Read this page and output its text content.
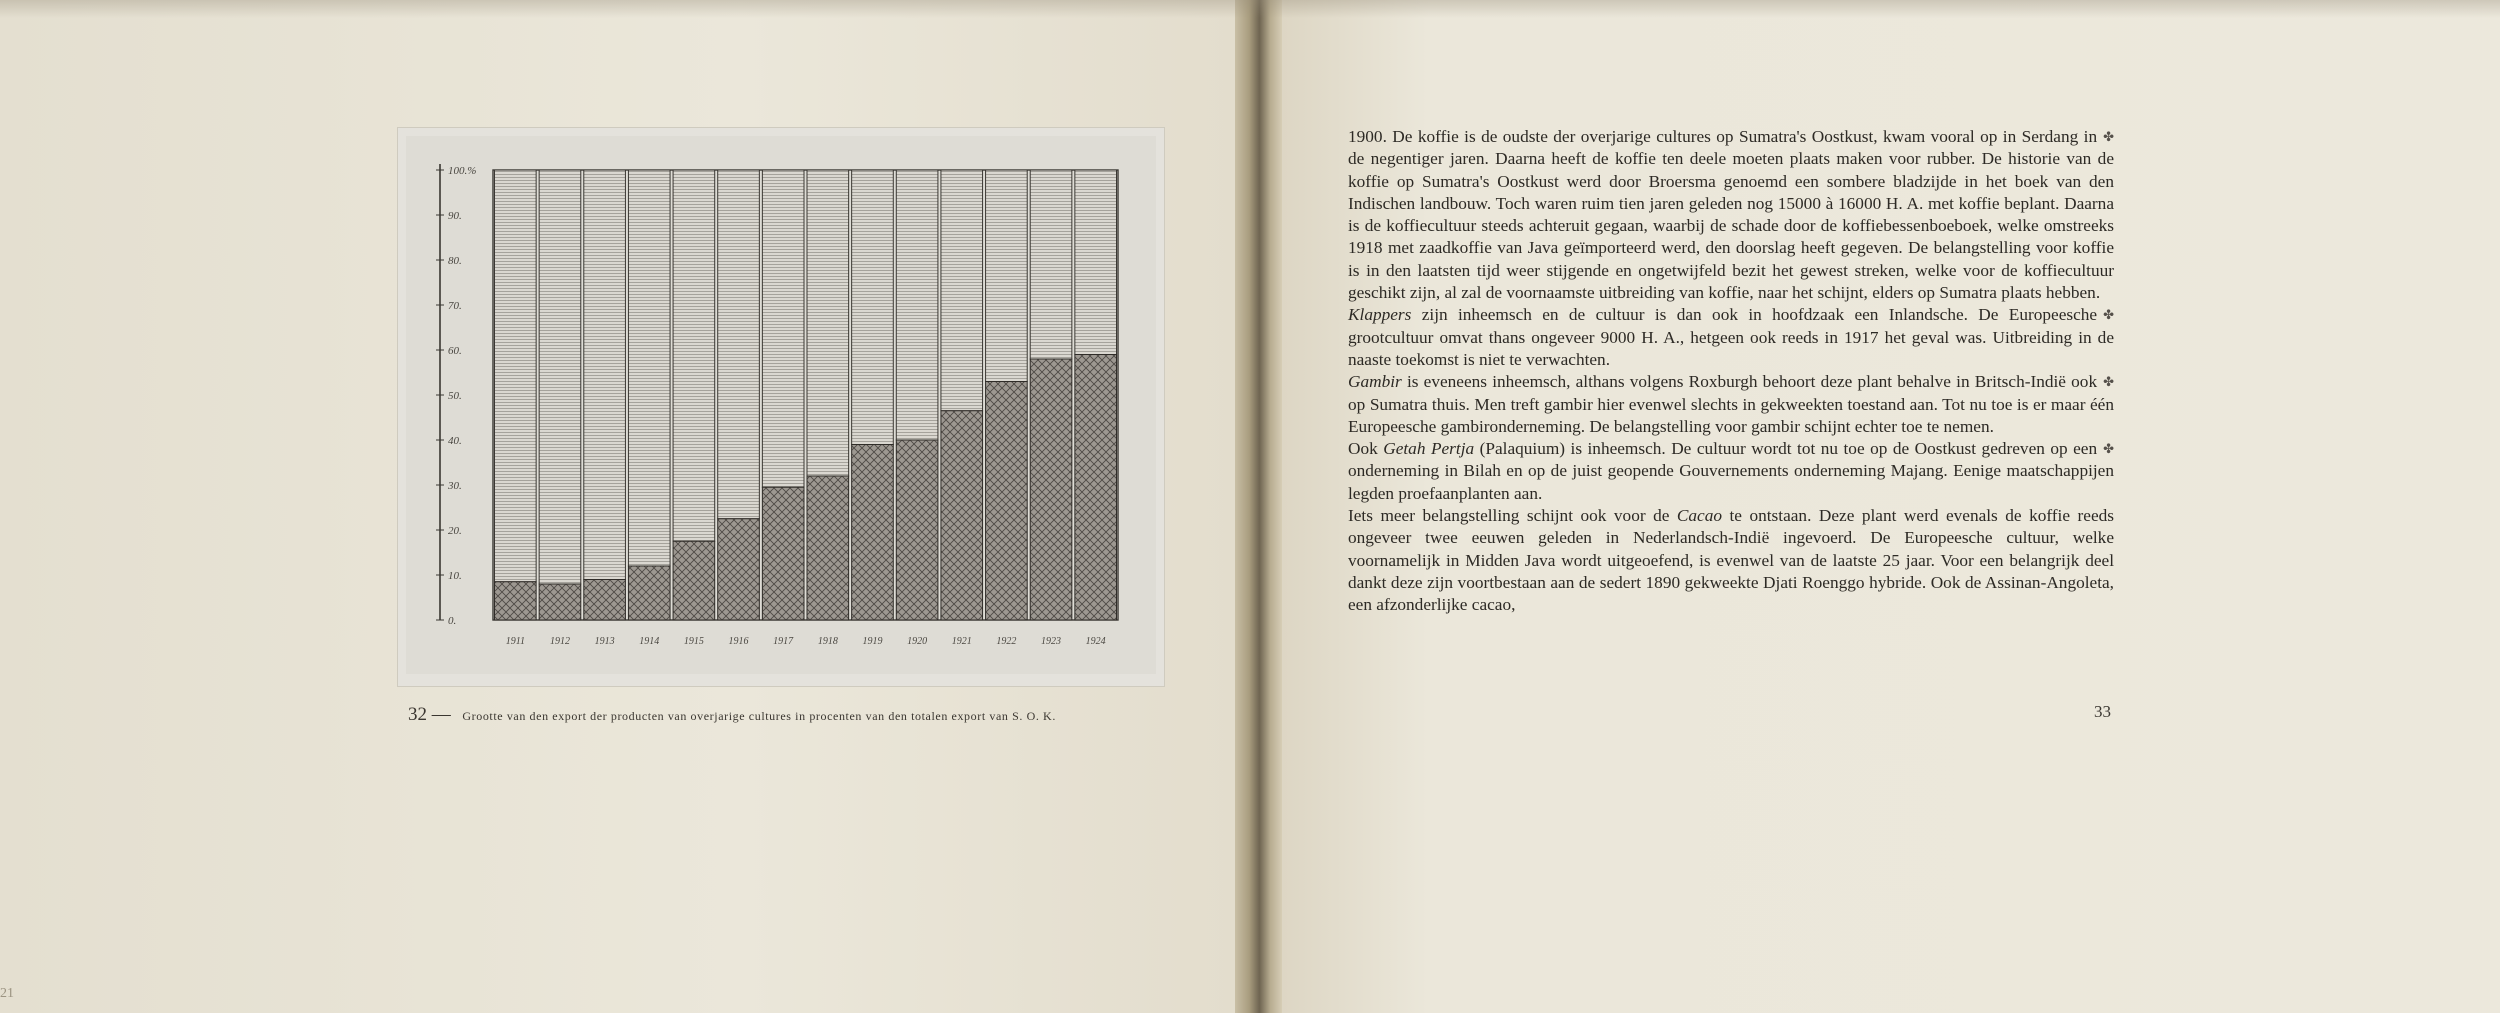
0.
10.
20.
30.
40.
50.
60.
70.
80.
90.
100.%
1911	1912 1913 1914 1915 1916 1917 1918 1919 1920 1921 1922 1923 1924
32 — Grootte van den export der producten van overjarige cultures in procenten van den totalen export van S. O. K.

✤
1900. De koffie is de oudste der overjarige cultures op Sumatra's Oostkust, kwam vooral op in Serdang in de negentiger jaren. Daarna heeft de koffie ten deele moeten plaats maken voor rubber. De historie van de koffie op Sumatra's Oostkust werd door Broersma genoemd een sombere bladzijde in het boek van den Indischen landbouw. Toch waren ruim tien jaren geleden nog 15000 à 16000 H. A. met koffie beplant. Daarna is de koffiecultuur steeds achteruit gegaan, waarbij de schade door de koffiebessenboeboek, welke omstreeks 1918 met zaadkoffie van Java geïmporteerd werd, den doorslag heeft gegeven. De belangstelling voor koffie is in den laatsten tijd weer stijgende en ongetwijfeld bezit het gewest streken, welke voor de koffiecultuur geschikt zijn, al zal de voornaamste uitbreiding van koffie, naar het schijnt, elders op Sumatra plaats hebben.

✤
Klappers zijn inheemsch en de cultuur is dan ook in hoofdzaak een Inlandsche. De Europeesche grootcultuur omvat thans ongeveer 9000 H. A., hetgeen ook reeds in 1917 het geval was. Uitbreiding in de naaste toekomst is niet te verwachten.

✤
Gambir is eveneens inheemsch, althans volgens Roxburgh behoort deze plant behalve in Britsch-Indië ook op Sumatra thuis. Men treft gambir hier evenwel slechts in gekweekten toestand aan. Tot nu toe is er maar één Europeesche gambironderneming. De belangstelling voor gambir schijnt echter toe te nemen.

✤
Ook Getah Pertja (Palaquium) is inheemsch. De cultuur wordt tot nu toe op de Oostkust gedreven op een onderneming in Bilah en op de juist geopende Gouvernements onderneming Majang. Eenige maatschappijen legden proefaanplanten aan.

Iets meer belangstelling schijnt ook voor de Cacao te ontstaan. Deze plant werd evenals de koffie reeds ongeveer twee eeuwen geleden in Nederlandsch-Indië ingevoerd. De Europeesche cultuur, welke voornamelijk in Midden Java wordt uitgeoefend, is evenwel van de laatste 25 jaar. Voor een belangrijk deel dankt deze zijn voortbestaan aan de sedert 1890 gekweekte Djati Roenggo hybride. Ook de Assinan-Angoleta, een afzonderlijke cacao,

33
21
